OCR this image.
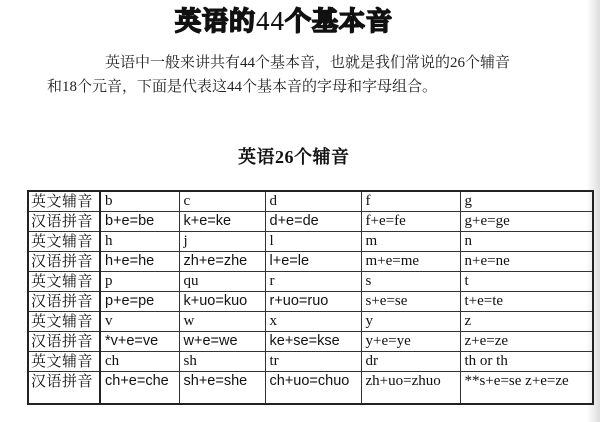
英语的44个基本音

英语中一般来讲共有44个基本音，也就是我们常说的26个辅音

和18个元音，下面是代表这44个基本音的字母和字母组合。

英语26个辅音
英文辅音	b	c	d	f	g
汉语拼音	b+e=be	k+e=ke	d+e=de	f+e=fe	g+e=ge
英文辅音	h	j	l	m	n
汉语拼音	h+e=he	zh+e=zhe	l+e=le	m+e=me	n+e=ne
英文辅音	p	qu	r	s	t
汉语拼音	p+e=pe	k+uo=kuo	r+uo=ruo	s+e=se	t+e=te
英文辅音	v	w	x	y	z
汉语拼音	*v+e=ve	w+e=we	ke+se=kse	y+e=ye	z+e=ze
英文辅音	ch	sh	tr	dr	th or th
汉语拼音	ch+e=che	sh+e=she	ch+uo=chuo	zh+uo=zhuo	**s+e=se z+e=ze
